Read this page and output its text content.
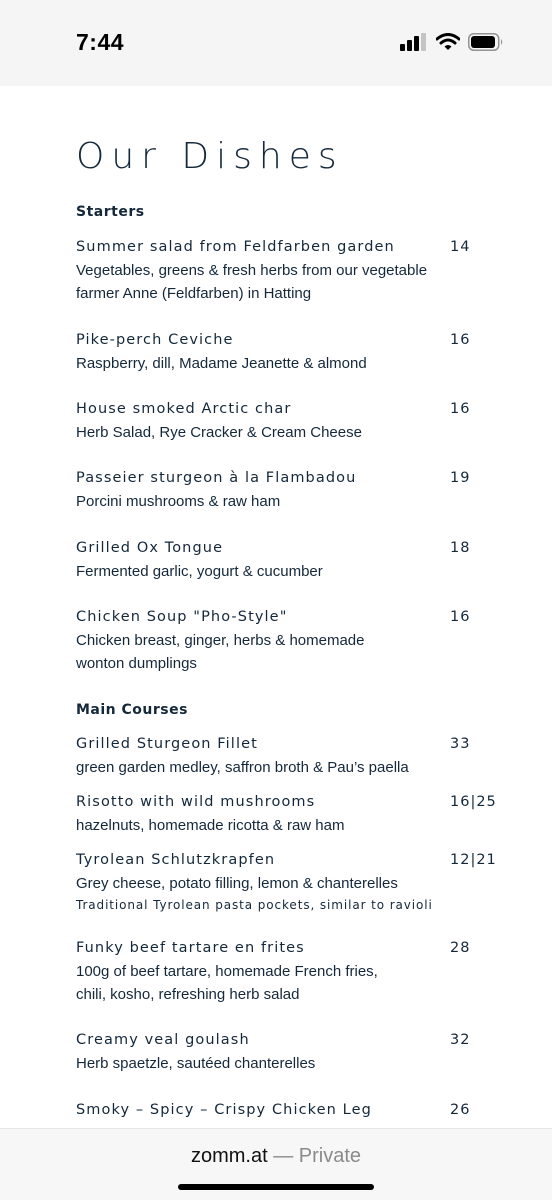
7:44
Our Dishes
Starters
Summer salad from Feldfarben garden	14
Vegetables, greens & fresh herbs from our vegetable
farmer Anne (Feldfarben) in Hatting
Pike-perch Ceviche	16
Raspberry, dill, Madame Jeanette & almond
House smoked Arctic char	16
Herb Salad, Rye Cracker & Cream Cheese
Passeier sturgeon à la Flambadou	19
Porcini mushrooms & raw ham
Grilled Ox Tongue	18
Fermented garlic, yogurt & cucumber
Chicken Soup "Pho-Style"	16
Chicken breast, ginger, herbs & homemade
wonton dumplings
Main Courses
Grilled Sturgeon Fillet	33
green garden medley, saffron broth & Pau’s paella
Risotto with wild mushrooms	16|25
hazelnuts, homemade ricotta & raw ham
Tyrolean Schlutzkrapfen	12|21
Grey cheese, potato filling, lemon & chanterelles
Traditional Tyrolean pasta pockets, similar to ravioli
Funky beef tartare en frites	28
100g of beef tartare, homemade French fries,
chili, kosho, refreshing herb salad
Creamy veal goulash	32
Herb spaetzle, sautéed chanterelles
Smoky – Spicy – Crispy Chicken Leg	26
zomm.at — Private
